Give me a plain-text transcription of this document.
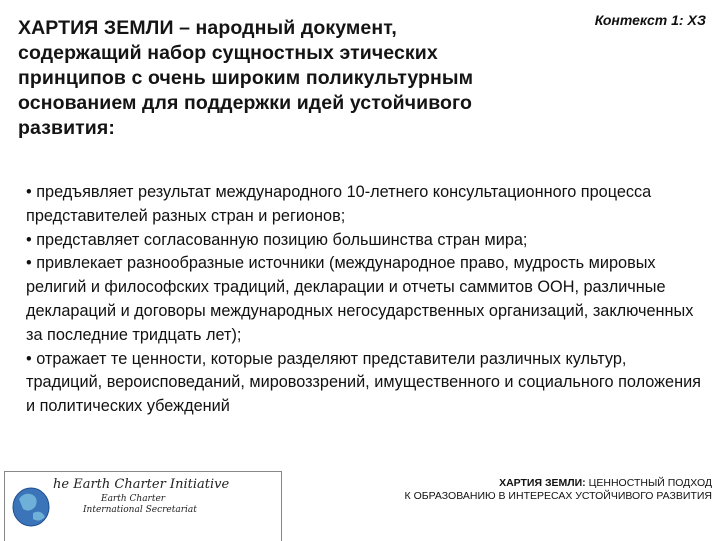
ХАРТИЯ ЗЕМЛИ – народный документ, содержащий набор сущностных этических принципов с очень широким поликультурным основанием для поддержки идей устойчивого развития:
Контекст 1: ХЗ

• предъявляет результат международного 10-летнего консультационного процесса представителей разных стран и регионов;

• представляет согласованную позицию большинства стран мира;

• привлекает разнообразные источники (международное право, мудрость мировых религий и философских традиций, декларации и отчеты саммитов ООН, различные деклараций и договоры международных негосударственных организаций, заключенных за последние тридцать лет);

• отражает те ценности, которые разделяют представители различных культур, традиций, вероисповеданий, мировоззрений, имущественного и социального положения и политических убеждений

he Earth Charter Initiative
Earth Charter
International Secretariat
ХАРТИЯ ЗЕМЛИ: ЦЕННОСТНЫЙ ПОДХОД
К ОБРАЗОВАНИЮ В ИНТЕРЕСАХ УСТОЙЧИВОГО РАЗВИТИЯ
